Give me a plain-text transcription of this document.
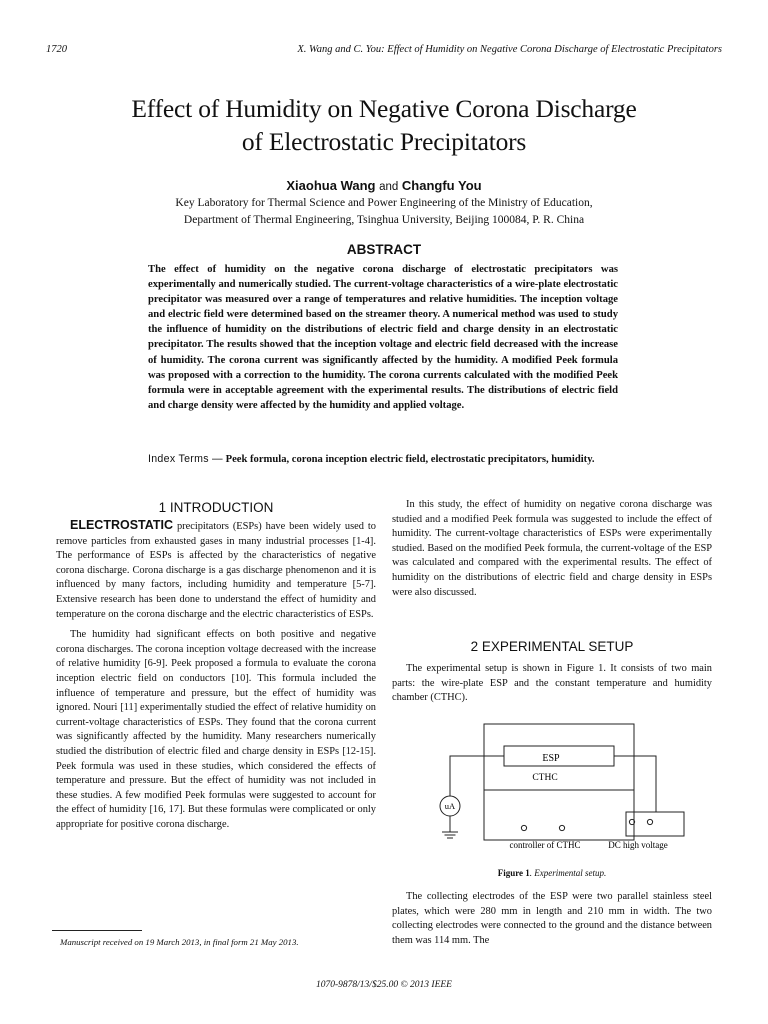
1720	X. Wang and C. You: Effect of Humidity on Negative Corona Discharge of Electrostatic Precipitators
Effect of Humidity on Negative Corona Discharge
of Electrostatic Precipitators
Xiaohua Wang and Changfu You
Key Laboratory for Thermal Science and Power Engineering of the Ministry of Education,
Department of Thermal Engineering, Tsinghua University, Beijing 100084, P. R. China
ABSTRACT
The effect of humidity on the negative corona discharge of electrostatic precipitators was experimentally and numerically studied. The current-voltage characteristics of a wire-plate electrostatic precipitator was measured over a range of temperatures and relative humidities. The inception voltage and electric field were determined based on the streamer theory. A numerical method was used to study the influence of humidity on the distributions of electric field and charge density in an electrostatic precipitator. The results showed that the inception voltage and electric field decreased with the increase of humidity. The corona current was significantly affected by the humidity. A modified Peek formula was proposed with a correction to the humidity. The corona currents calculated with the modified Peek formula were in acceptable agreement with the experimental results. The distributions of electric field and charge density were affected by the humidity and applied voltage.
Index Terms — Peek formula, corona inception electric field, electrostatic precipitators, humidity.
1 INTRODUCTION

ELECTROSTATIC precipitators (ESPs) have been widely used to remove particles from exhausted gases in many industrial processes [1-4]. The performance of ESPs is affected by the characteristics of negative corona discharge. Corona discharge is a gas discharge phenomenon and it is influenced by many factors, including humidity and temperature [5-7]. Extensive research has been done to understand the effect of humidity and temperature on the corona discharge and the electric characteristics of ESPs.

The humidity had significant effects on both positive and negative corona discharges. The corona inception voltage decreased with the increase of relative humidity [6-9]. Peek proposed a formula to evaluate the corona inception electric field on conductors [10]. This formula included the influence of temperature and pressure, but the effect of humidity was ignored. Nouri [11] experimentally studied the effect of relative humidity on current-voltage characteristics of ESPs. They found that the corona current was significantly affected by the humidity. Many researchers numerically studied the distribution of electric filed and charge density in ESPs [12-15]. Peek formula was used in these studies, which considered the effects of temperature and pressure. But the effect of humidity was not included in these studies. A few modified Peek formulas were suggested to account for the effect of humidity [16, 17]. But these formulas were complicated or only appropriate for positive corona discharge.

In this study, the effect of humidity on negative corona discharge was studied and a modified Peek formula was suggested to include the effect of humidity. The current-voltage characteristics of ESPs were experimentally studied. Based on the modified Peek formula, the current-voltage of the ESP was calculated and compared with the experimental results. The effect of humidity on the distributions of electric field and charge density in ESPs were also discussed.

2 EXPERIMENTAL SETUP

The experimental setup is shown in Figure 1. It consists of two main parts: the wire-plate ESP and the constant temperature and humidity chamber (CTHC).

ESP
CTHC
uA
controller of CTHC	DC high voltage
Figure 1. Experimental setup.

The collecting electrodes of the ESP were two parallel stainless steel plates, which were 280 mm in length and 210 mm in width. The two collecting electrodes were connected to the ground and the distance between them was 114 mm. The

Manuscript received on 19 March 2013, in final form 21 May 2013.
1070-9878/13/$25.00 © 2013 IEEE
